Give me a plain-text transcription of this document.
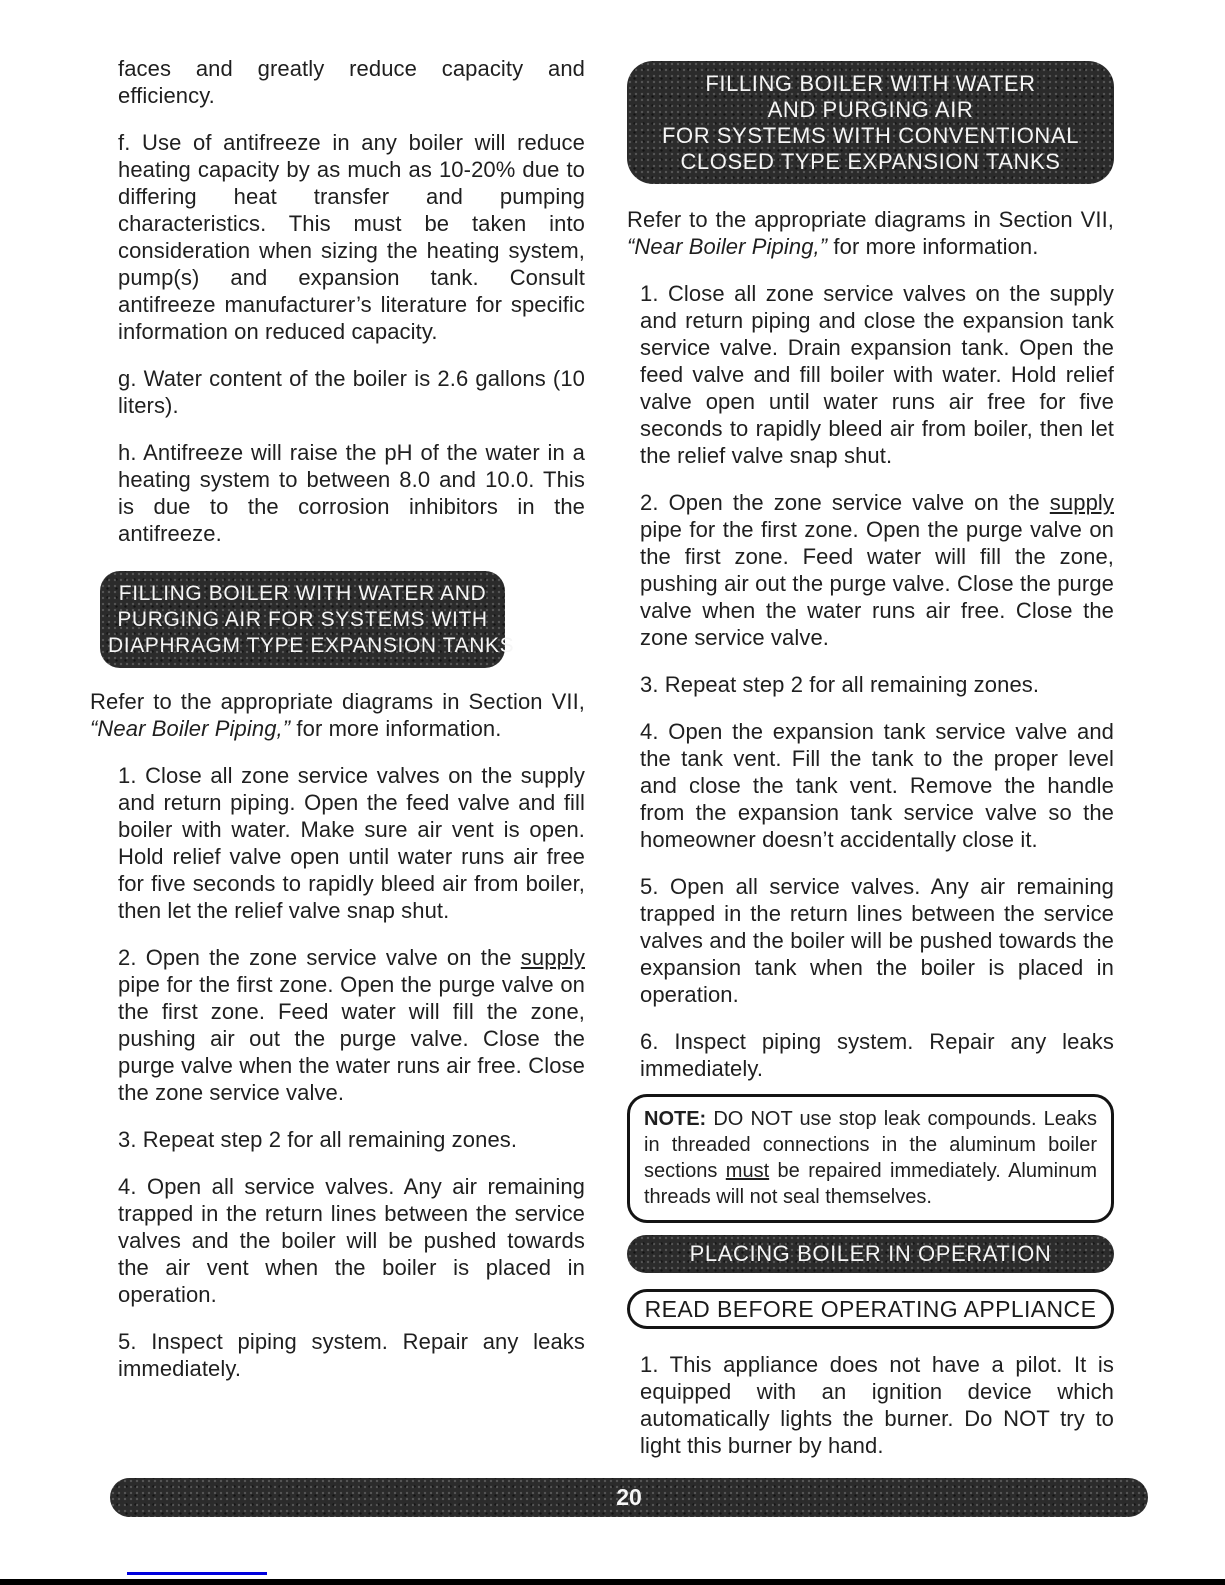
faces and greatly reduce capacity and efficiency.

f. Use of antifreeze in any boiler will reduce heating capacity by as much as 10-20% due to differing heat transfer and pumping characteristics. This must be taken into consideration when sizing the heating system, pump(s) and expansion tank. Consult antifreeze manufacturer’s literature for specific information on reduced capacity.

g. Water content of the boiler is 2.6 gallons (10 liters).

h. Antifreeze will raise the pH of the water in a heating system to between 8.0 and 10.0. This is due to the corrosion inhibitors in the antifreeze.

FILLING BOILER WITH WATER AND
PURGING AIR FOR SYSTEMS WITH
DIAPHRAGM TYPE EXPANSION TANKS

Refer to the appropriate diagrams in Section VII, “Near Boiler Piping,” for more information.

1. Close all zone service valves on the supply and return piping. Open the feed valve and fill boiler with water. Make sure air vent is open. Hold relief valve open until water runs air free for five seconds to rapidly bleed air from boiler, then let the relief valve snap shut.

2. Open the zone service valve on the supply pipe for the first zone. Open the purge valve on the first zone. Feed water will fill the zone, pushing air out the purge valve. Close the purge valve when the water runs air free. Close the zone service valve.

3. Repeat step 2 for all remaining zones.

4. Open all service valves. Any air remaining trapped in the return lines between the service valves and the boiler will be pushed towards the air vent when the boiler is placed in operation.

5. Inspect piping system. Repair any leaks immediately.

FILLING BOILER WITH WATER
AND PURGING AIR
FOR SYSTEMS WITH CONVENTIONAL
CLOSED TYPE EXPANSION TANKS

Refer to the appropriate diagrams in Section VII, “Near Boiler Piping,” for more information.

1. Close all zone service valves on the supply and return piping and close the expansion tank service valve. Drain expansion tank. Open the feed valve and fill boiler with water. Hold relief valve open until water runs air free for five seconds to rapidly bleed air from boiler, then let the relief valve snap shut.

2. Open the zone service valve on the supply pipe for the first zone. Open the purge valve on the first zone. Feed water will fill the zone, pushing air out the purge valve. Close the purge valve when the water runs air free. Close the zone service valve.

3. Repeat step 2 for all remaining zones.

4. Open the expansion tank service valve and the tank vent. Fill the tank to the proper level and close the tank vent. Remove the handle from the expansion tank service valve so the homeowner doesn’t accidentally close it.

5. Open all service valves. Any air remaining trapped in the return lines between the service valves and the boiler will be pushed towards the expansion tank when the boiler is placed in operation.

6. Inspect piping system. Repair any leaks immediately.

NOTE: DO NOT use stop leak compounds. Leaks in threaded connections in the aluminum boiler sections must be repaired immediately. Aluminum threads will not seal themselves.

PLACING BOILER IN OPERATION
READ BEFORE OPERATING APPLIANCE

1. This appliance does not have a pilot. It is equipped with an ignition device which automatically lights the burner. Do NOT try to light this burner by hand.

20
